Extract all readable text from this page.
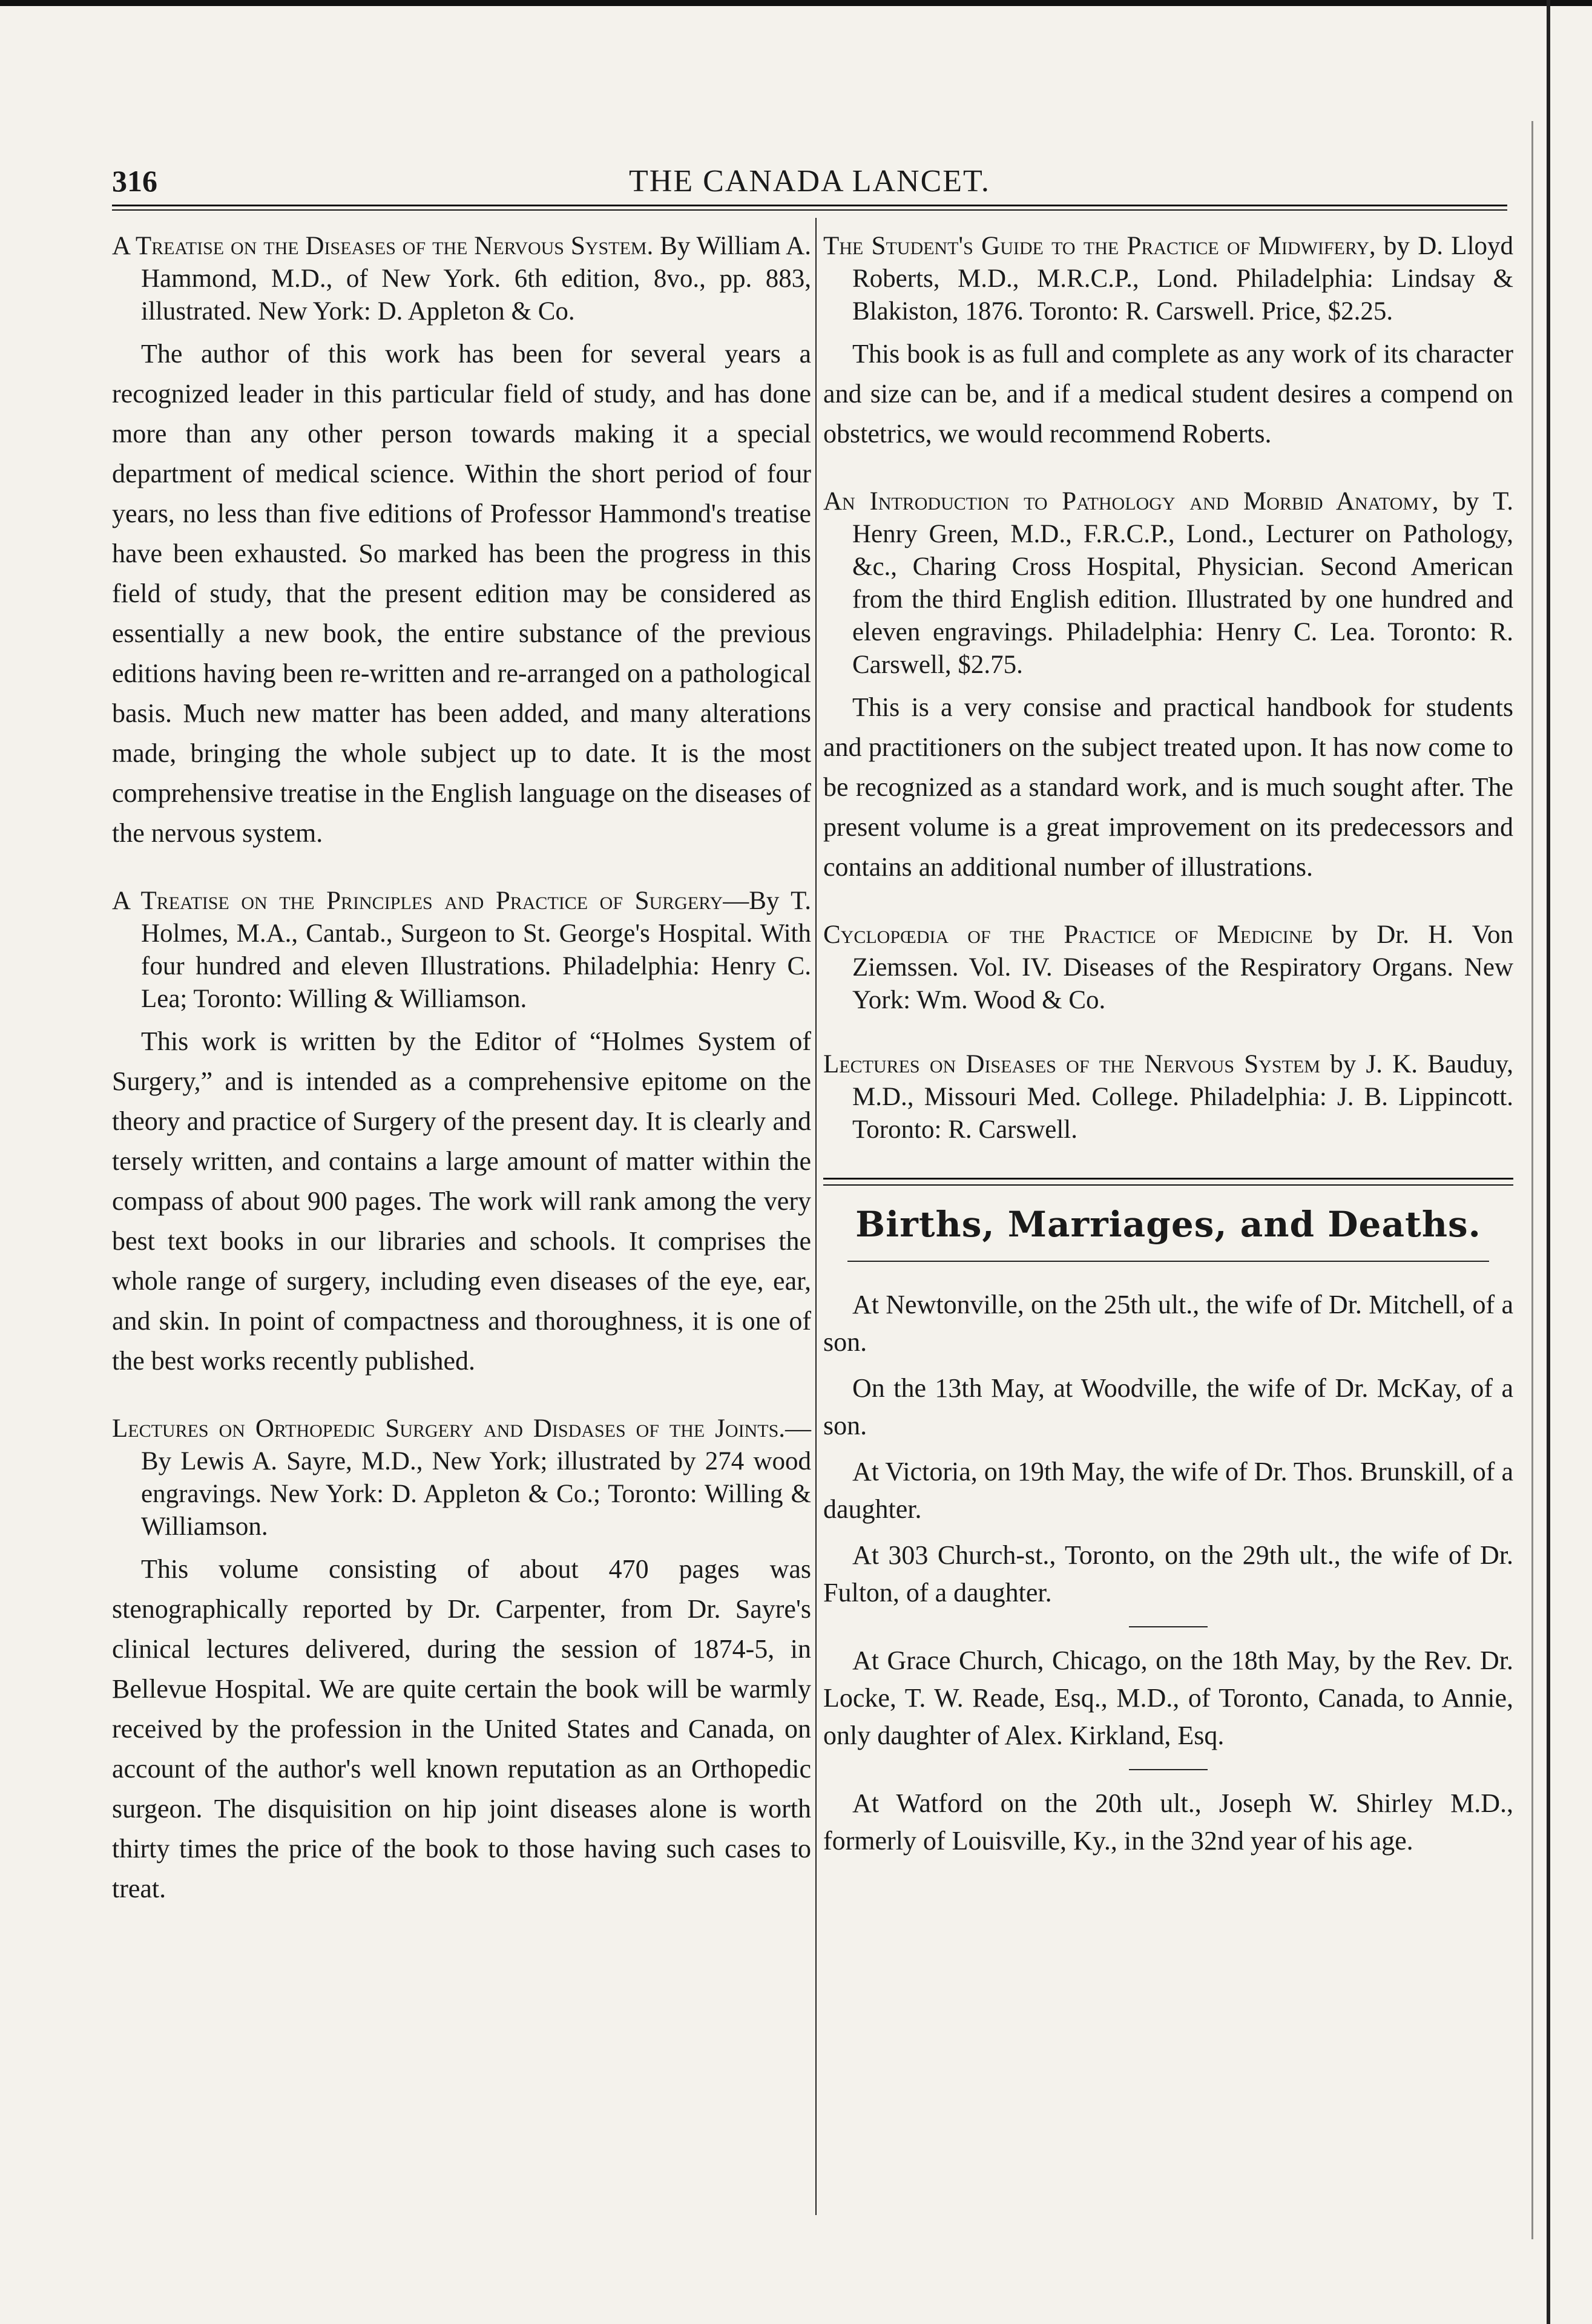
316	THE CANADA LANCET.

A Treatise on the Diseases of the Nervous System. By William A. Hammond, M.D., of New York. 6th edition, 8vo., pp. 883, illustrated. New York: D. Appleton & Co.

The author of this work has been for several years a recognized leader in this particular field of study, and has done more than any other person towards making it a special department of medical science. Within the short period of four years, no less than five editions of Professor Hammond's treatise have been exhausted. So marked has been the progress in this field of study, that the present edition may be considered as essentially a new book, the entire substance of the previous editions having been re-written and re-arranged on a pathological basis. Much new matter has been added, and many alterations made, bringing the whole subject up to date. It is the most comprehensive treatise in the English language on the diseases of the nervous system.

A Treatise on the Principles and Practice of Surgery—By T. Holmes, M.A., Cantab., Surgeon to St. George's Hospital. With four hundred and eleven Illustrations. Philadelphia: Henry C. Lea; Toronto: Willing & Williamson.

This work is written by the Editor of “Holmes System of Surgery,” and is intended as a comprehensive epitome on the theory and practice of Surgery of the present day. It is clearly and tersely written, and contains a large amount of matter within the compass of about 900 pages. The work will rank among the very best text books in our libraries and schools. It comprises the whole range of surgery, including even diseases of the eye, ear, and skin. In point of compactness and thoroughness, it is one of the best works recently published.

Lectures on Orthopedic Surgery and Disdases of the Joints.—By Lewis A. Sayre, M.D., New York; illustrated by 274 wood engravings. New York: D. Appleton & Co.; Toronto: Willing & Williamson.

This volume consisting of about 470 pages was stenographically reported by Dr. Carpenter, from Dr. Sayre's clinical lectures delivered, during the session of 1874-5, in Bellevue Hospital. We are quite certain the book will be warmly received by the profession in the United States and Canada, on account of the author's well known reputation as an Orthopedic surgeon. The disquisition on hip joint diseases alone is worth thirty times the price of the book to those having such cases to treat.

The Student's Guide to the Practice of Midwifery, by D. Lloyd Roberts, M.D., M.R.C.P., Lond. Philadelphia: Lindsay & Blakiston, 1876. Toronto: R. Carswell. Price, $2.25.

This book is as full and complete as any work of its character and size can be, and if a medical student desires a compend on obstetrics, we would recommend Roberts.

An Introduction to Pathology and Morbid Anatomy, by T. Henry Green, M.D., F.R.C.P., Lond., Lecturer on Pathology, &c., Charing Cross Hospital, Physician. Second American from the third English edition. Illustrated by one hundred and eleven engravings. Philadelphia: Henry C. Lea. Toronto: R. Carswell, $2.75.

This is a very consise and practical handbook for students and practitioners on the subject treated upon. It has now come to be recognized as a standard work, and is much sought after. The present volume is a great improvement on its predecessors and contains an additional number of illustrations.

Cyclopœdia of the Practice of Medicine by Dr. H. Von Ziemssen. Vol. IV. Diseases of the Respiratory Organs. New York: Wm. Wood & Co.

Lectures on Diseases of the Nervous System by J. K. Bauduy, M.D., Missouri Med. College. Philadelphia: J. B. Lippincott. Toronto: R. Carswell.

Births, Marriages, and Deaths.

At Newtonville, on the 25th ult., the wife of Dr. Mitchell, of a son.

On the 13th May, at Woodville, the wife of Dr. McKay, of a son.

At Victoria, on 19th May, the wife of Dr. Thos. Brunskill, of a daughter.

At 303 Church-st., Toronto, on the 29th ult., the wife of Dr. Fulton, of a daughter.

At Grace Church, Chicago, on the 18th May, by the Rev. Dr. Locke, T. W. Reade, Esq., M.D., of Toronto, Canada, to Annie, only daughter of Alex. Kirkland, Esq.

At Watford on the 20th ult., Joseph W. Shirley M.D., formerly of Louisville, Ky., in the 32nd year of his age.
